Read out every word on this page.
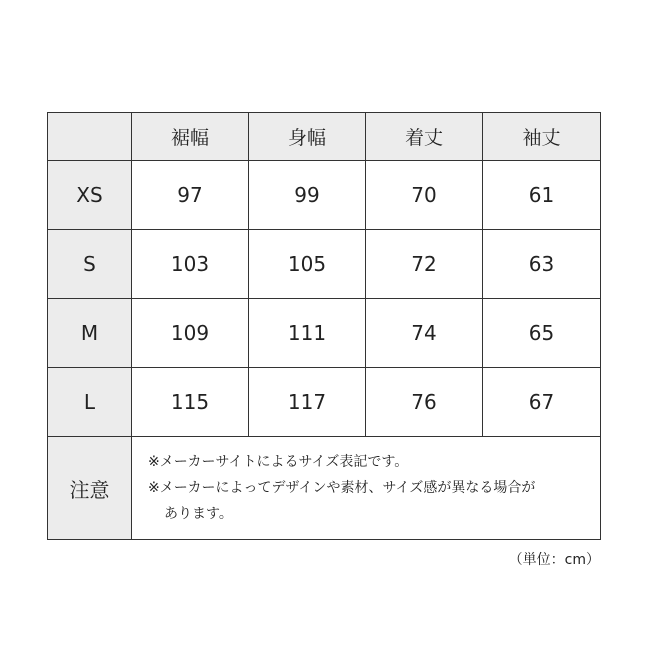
	裾幅	身幅	着丈	袖丈
XS	97	99	70	61
S	103	105	72	63
M	109	111	74	65
L	115	117	76	67
注意	※メーカーサイトによるサイズ表記です。
※メーカーによってデザインや素材、サイズ感が異なる場合が
あります。			
（単位：cm）
